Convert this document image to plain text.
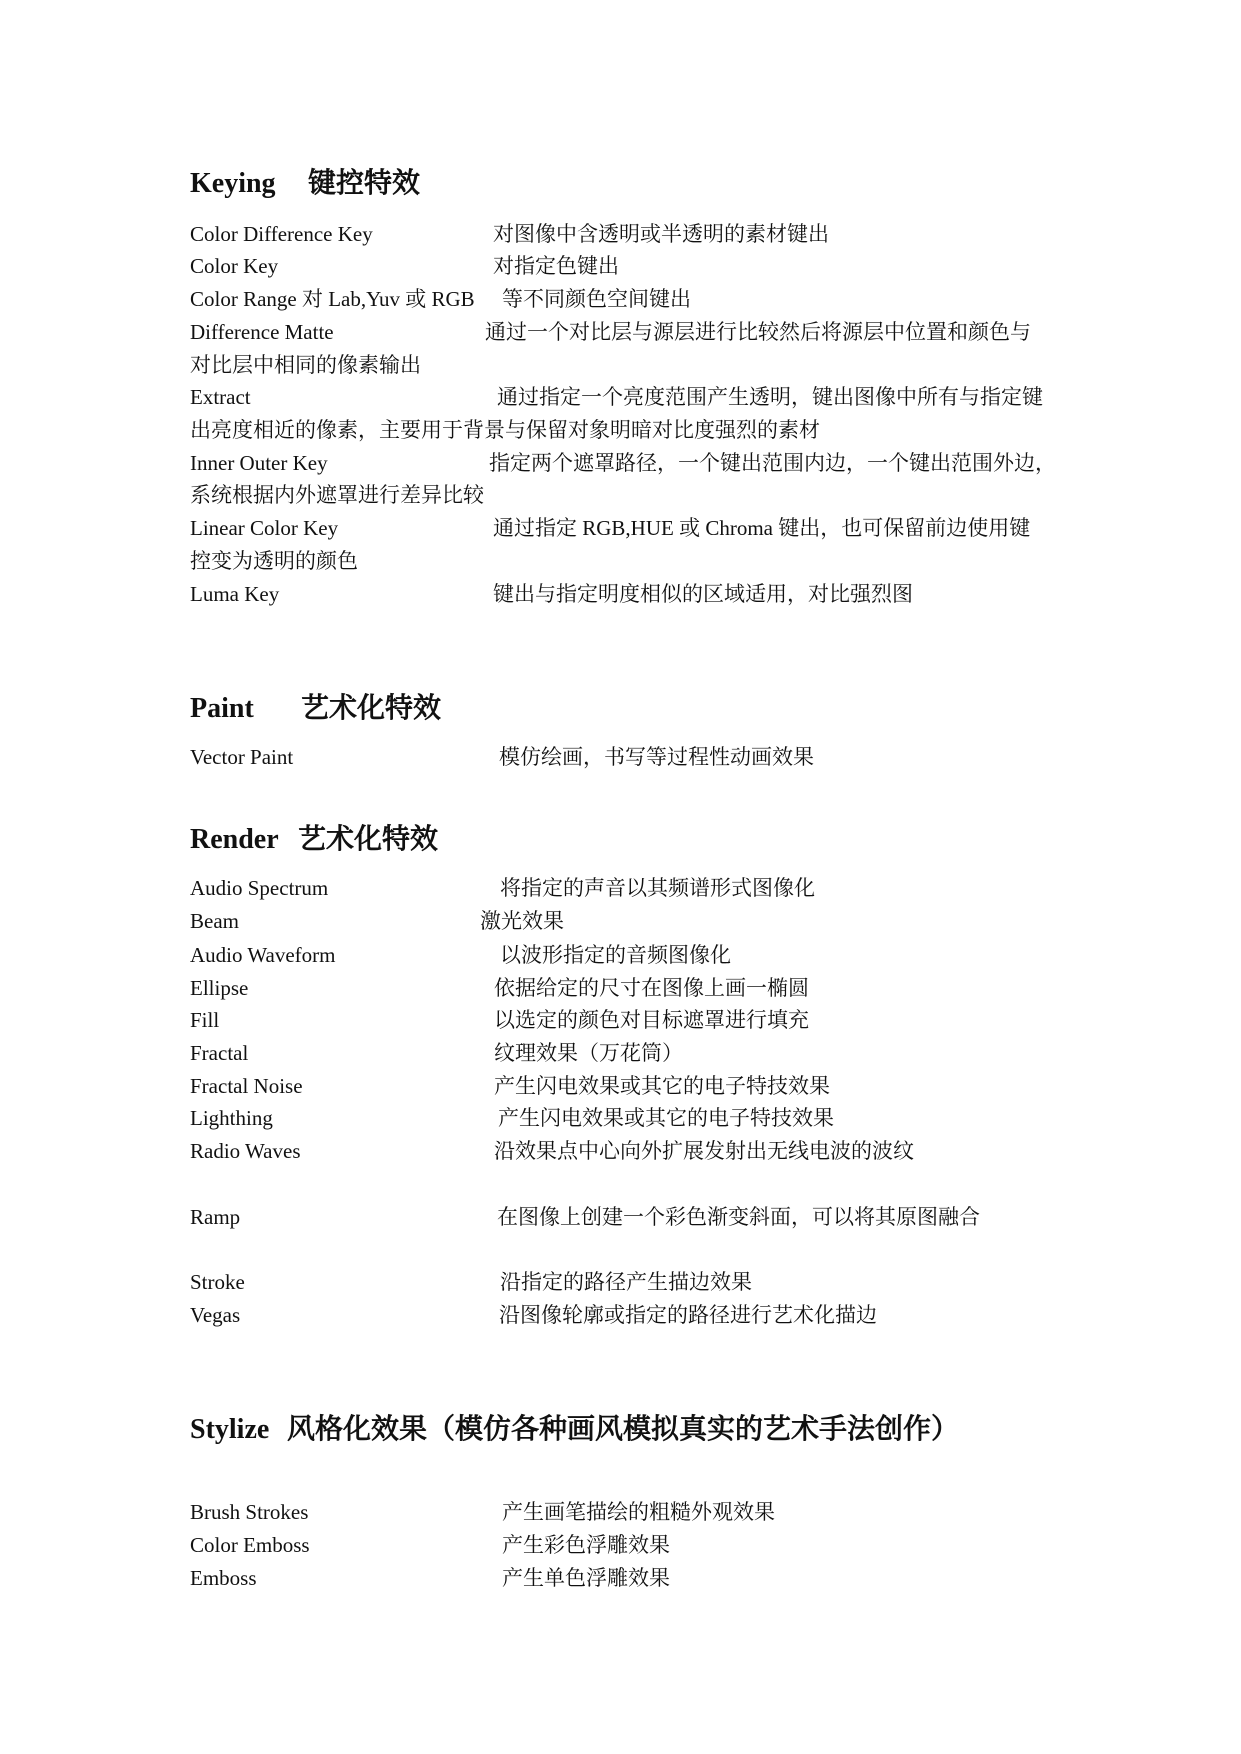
Keying 键控特效
Color Difference Key	对图像中含透明或半透明的素材键出
Color Key	对指定色键出
Color Range 对 Lab,Yuv 或 RGB 等不同颜色空间键出
Difference Matte	通过一个对比层与源层进行比较然后将源层中位置和颜色与
对比层中相同的像素输出
Extract	通过指定一个亮度范围产生透明，键出图像中所有与指定键
出亮度相近的像素，主要用于背景与保留对象明暗对比度强烈的素材
Inner Outer Key	指定两个遮罩路径，一个键出范围内边，一个键出范围外边，
系统根据内外遮罩进行差异比较
Linear Color Key	通过指定 RGB,HUE 或 Chroma 键出，也可保留前边使用键
控变为透明的颜色
Luma Key	键出与指定明度相似的区域适用，对比强烈图
Paint 艺术化特效
Vector Paint	模仿绘画，书写等过程性动画效果
Render 艺术化特效
Audio Spectrum	将指定的声音以其频谱形式图像化
Beam	激光效果
Audio Waveform	以波形指定的音频图像化
Ellipse	依据给定的尺寸在图像上画一椭圆
Fill	以选定的颜色对目标遮罩进行填充
Fractal	纹理效果（万花筒）
Fractal Noise	产生闪电效果或其它的电子特技效果
Lighthing	产生闪电效果或其它的电子特技效果
Radio Waves	沿效果点中心向外扩展发射出无线电波的波纹
Ramp	在图像上创建一个彩色渐变斜面，可以将其原图融合
Stroke	沿指定的路径产生描边效果
Vegas	沿图像轮廓或指定的路径进行艺术化描边
Stylize 风格化效果（模仿各种画风模拟真实的艺术手法创作）
Brush Strokes	产生画笔描绘的粗糙外观效果
Color Emboss	产生彩色浮雕效果
Emboss	产生单色浮雕效果
